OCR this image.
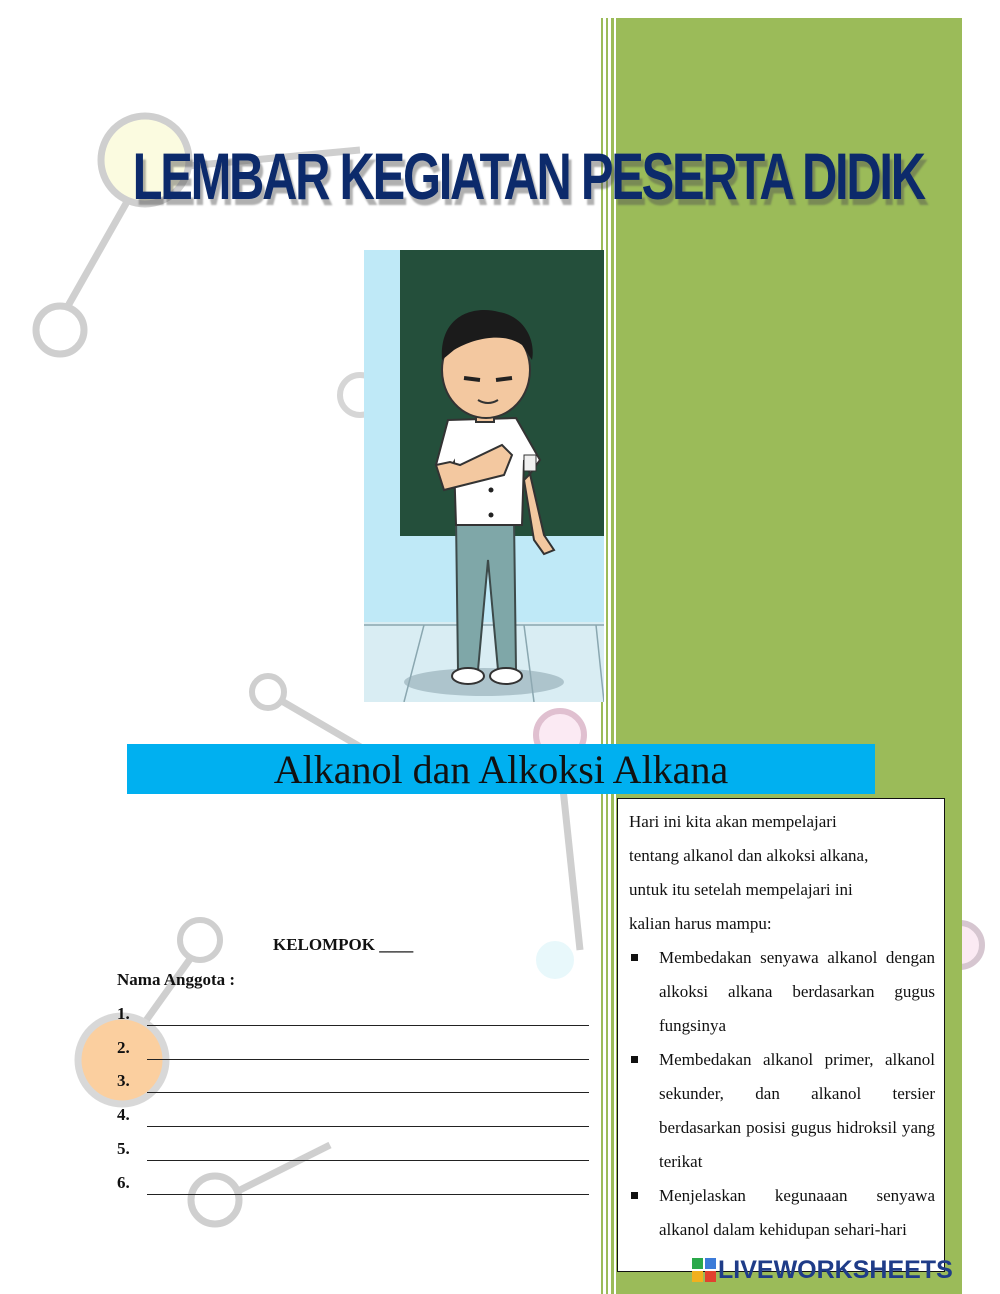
LEMBAR KEGIATAN PESERTA DIDIK
Alkanol dan Alkoksi Alkana
KELOMPOK ____
Nama Anggota :
1.
2.
3.
4.
5.
6.
Hari ini kita akan mempelajari
tentang alkanol dan alkoksi alkana,
untuk itu setelah mempelajari ini
kalian harus mampu:
Membedakan senyawa alkanol dengan alkoksi alkana berdasarkan gugus fungsinya
Membedakan alkanol primer, alkanol sekunder, dan alkanol tersier berdasarkan posisi gugus hidroksil yang terikat
Menjelaskan kegunaaan senyawa alkanol dalam kehidupan sehari-hari
LIVEWORKSHEETS
